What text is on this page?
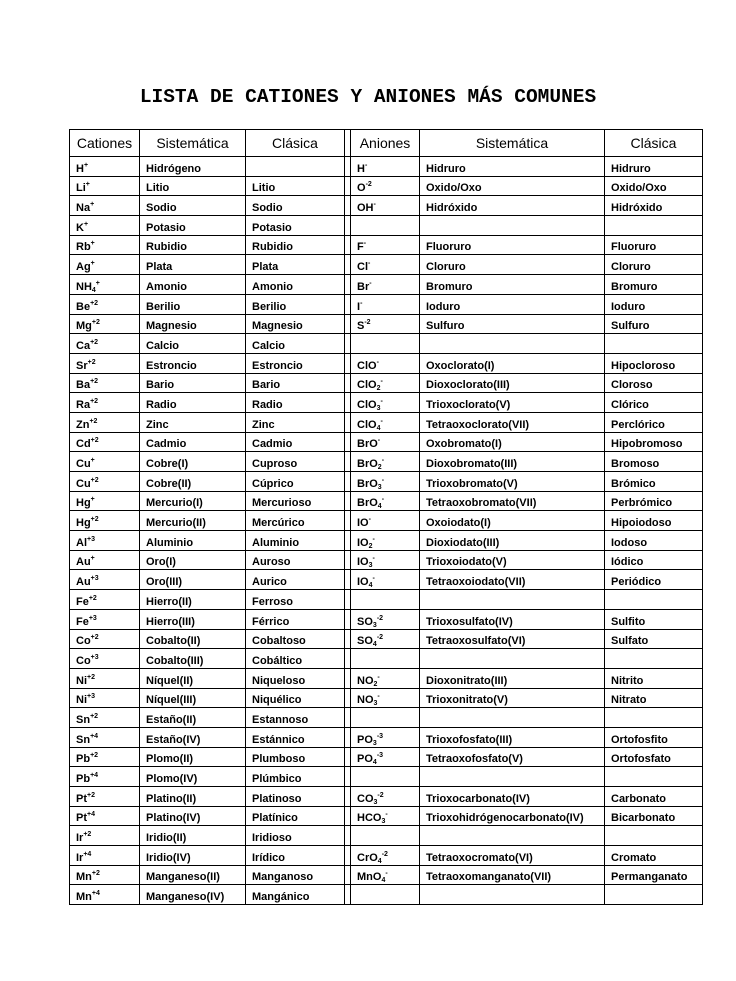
LISTA DE CATIONES Y ANIONES MÁS COMUNES
Cationes	Sistemática	Clásica		Aniones	Sistemática	Clásica
H+	Hidrógeno			H-	Hidruro	Hidruro
Li+	Litio	Litio		$O^{-2}$	Oxido/Oxo	Oxido/Oxo
Na+	Sodio	Sodio		OH-	Hidróxido	Hidróxido
K+	Potasio	Potasio				
Rb+	Rubidio	Rubidio		F-	Fluoruro	Fluoruro
Ag+	Plata	Plata		Cl-	Cloruro	Cloruro
$NH_4^+$	Amonio	Amonio		Br-	Bromuro	Bromuro
$Be^{+2}$	Berilio	Berilio		I-	Ioduro	Ioduro
$Mg^{+2}$	Magnesio	Magnesio		$S^{-2}$	Sulfuro	Sulfuro
$Ca^{+2}$	Calcio	Calcio				
$Sr^{+2}$	Estroncio	Estroncio		ClO-	Oxoclorato(I)	Hipocloroso
$Ba^{+2}$	Bario	Bario		ClO$_2$-	Dioxoclorato(III)	Cloroso
$Ra^{+2}$	Radio	Radio		ClO$_3$-	Trioxoclorato(V)	Clórico
$Zn^{+2}$	Zinc	Zinc		ClO$_4$-	Tetraoxoclorato(VII)	Perclórico
$Cd^{+2}$	Cadmio	Cadmio		BrO-	Oxobromato(I)	Hipobromoso
Cu+	Cobre(I)	Cuproso		BrO$_2$-	Dioxobromato(III)	Bromoso
$Cu^{+2}$	Cobre(II)	Cúprico		BrO$_3$-	Trioxobromato(V)	Brómico
Hg+	Mercurio(I)	Mercurioso		BrO$_4$-	Tetraoxobromato(VII)	Perbrómico
$Hg^{+2}$	Mercurio(II)	Mercúrico		IO-	Oxoiodato(I)	Hipoiodoso
$Al^{+3}$	Aluminio	Aluminio		$IO_2^-$	Dioxiodato(III)	Iodoso
Au+	Oro(I)	Auroso		$IO_3^-$	Trioxoiodato(V)	Iódico
$Au^{+3}$	Oro(III)	Aurico		$IO_4^-$	Tetraoxoiodato(VII)	Periódico
$Fe^{+2}$	Hierro(II)	Ferroso				
$Fe^{+3}$	Hierro(III)	Férrico		$SO_3^{-2}$	Trioxosulfato(IV)	Sulfito
$Co^{+2}$	Cobalto(II)	Cobaltoso		$SO_4^{-2}$	Tetraoxosulfato(VI)	Sulfato
$Co^{+3}$	Cobalto(III)	Cobáltico				
$Ni^{+2}$	Níquel(II)	Niqueloso		$NO_2^-$	Dioxonitrato(III)	Nitrito
$Ni^{+3}$	Níquel(III)	Niquélico		$NO_3^-$	Trioxonitrato(V)	Nitrato
$Sn^{+2}$	Estaño(II)	Estannoso				
$Sn^{+4}$	Estaño(IV)	Estánnico		$PO_3^{-3}$	Trioxofosfato(III)	Ortofosfito
$Pb^{+2}$	Plomo(II)	Plumboso		$PO_4^{-3}$	Tetraoxofosfato(V)	Ortofosfato
$Pb^{+4}$	Plomo(IV)	Plúmbico				
$Pt^{+2}$	Platino(II)	Platinoso		$CO_3^{-2}$	Trioxocarbonato(IV)	Carbonato
$Pt^{+4}$	Platino(IV)	Platínico		$HCO_3^-$	Trioxohidrógenocarbonato(IV)	Bicarbonato
$Ir^{+2}$	Iridio(II)	Iridioso				
$Ir^{+4}$	Iridio(IV)	Irídico		CrO$_4^{-2}$	Tetraoxocromato(VI)	Cromato
$Mn^{+2}$	Manganeso(II)	Manganoso		MnO$_4$-	Tetraoxomanganato(VII)	Permanganato
$Mn^{+4}$	Manganeso(IV)	Mangánico				
